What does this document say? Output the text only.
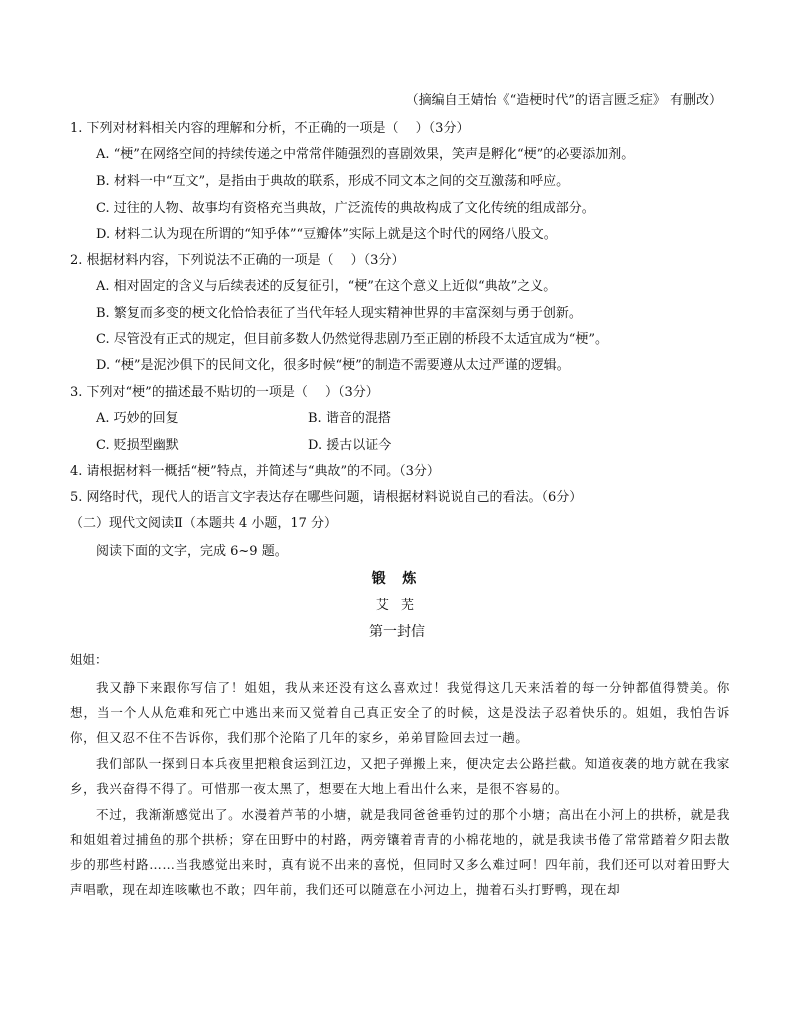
（摘编自王婧怡《“造梗时代”的语言匮乏症》 有删改）
1. 下列对材料相关内容的理解和分析，不正确的一项是（　 ）（3分）
A. “梗”在网络空间的持续传递之中常常伴随强烈的喜剧效果，笑声是孵化“梗”的必要添加剂。
B. 材料一中“互文”，是指由于典故的联系，形成不同文本之间的交互激荡和呼应。
C. 过往的人物、故事均有资格充当典故，广泛流传的典故构成了文化传统的组成部分。
D. 材料二认为现在所谓的“知乎体”“豆瓣体”实际上就是这个时代的网络八股文。
2. 根据材料内容，下列说法不正确的一项是（　 ）（3分）
A. 相对固定的含义与后续表述的反复征引，“梗”在这个意义上近似“典故”之义。
B. 繁复而多变的梗文化恰恰表征了当代年轻人现实精神世界的丰富深刻与勇于创新。
C. 尽管没有正式的规定，但目前多数人仍然觉得悲剧乃至正剧的桥段不太适宜成为“梗”。
D. “梗”是泥沙俱下的民间文化，很多时候“梗”的制造不需要遵从太过严谨的逻辑。
3. 下列对“梗”的描述最不贴切的一项是（　 ）（3分）
A. 巧妙的回复	B. 谐音的混搭
C. 贬损型幽默	D. 援古以证今
4. 请根据材料一概括“梗”特点，并简述与“典故”的不同。（3分）
5. 网络时代，现代人的语言文字表达存在哪些问题，请根据材料说说自己的看法。（6分）
（二）现代文阅读Ⅱ（本题共 4 小题，17 分）
阅读下面的文字，完成 6~9 题。
锻 炼
艾 芜
第一封信
姐姐：
我又静下来跟你写信了！姐姐，我从来还没有这么喜欢过！我觉得这几天来活着的每一分钟都值得赞美。你想，当一个人从危难和死亡中逃出来而又觉着自己真正安全了的时候，这是没法子忍着快乐的。姐姐，我怕告诉你，但又忍不住不告诉你，我们那个沦陷了几年的家乡，弟弟冒险回去过一趟。
我们部队一探到日本兵夜里把粮食运到江边，又把子弹搬上来，便决定去公路拦截。知道夜袭的地方就在我家乡，我兴奋得不得了。可惜那一夜太黑了，想要在大地上看出什么来，是很不容易的。
不过，我渐渐感觉出了。水漫着芦苇的小塘，就是我同爸爸垂钓过的那个小塘；高出在小河上的拱桥，就是我和姐姐着过捕鱼的那个拱桥；穿在田野中的村路，两旁镶着青青的小棉花地的，就是我读书倦了常常踏着夕阳去散步的那些村路……当我感觉出来时，真有说不出来的喜悦，但同时又多么难过呵！四年前，我们还可以对着田野大声唱歌，现在却连咳嗽也不敢；四年前，我们还可以随意在小河边上，抛着石头打野鸭，现在却
